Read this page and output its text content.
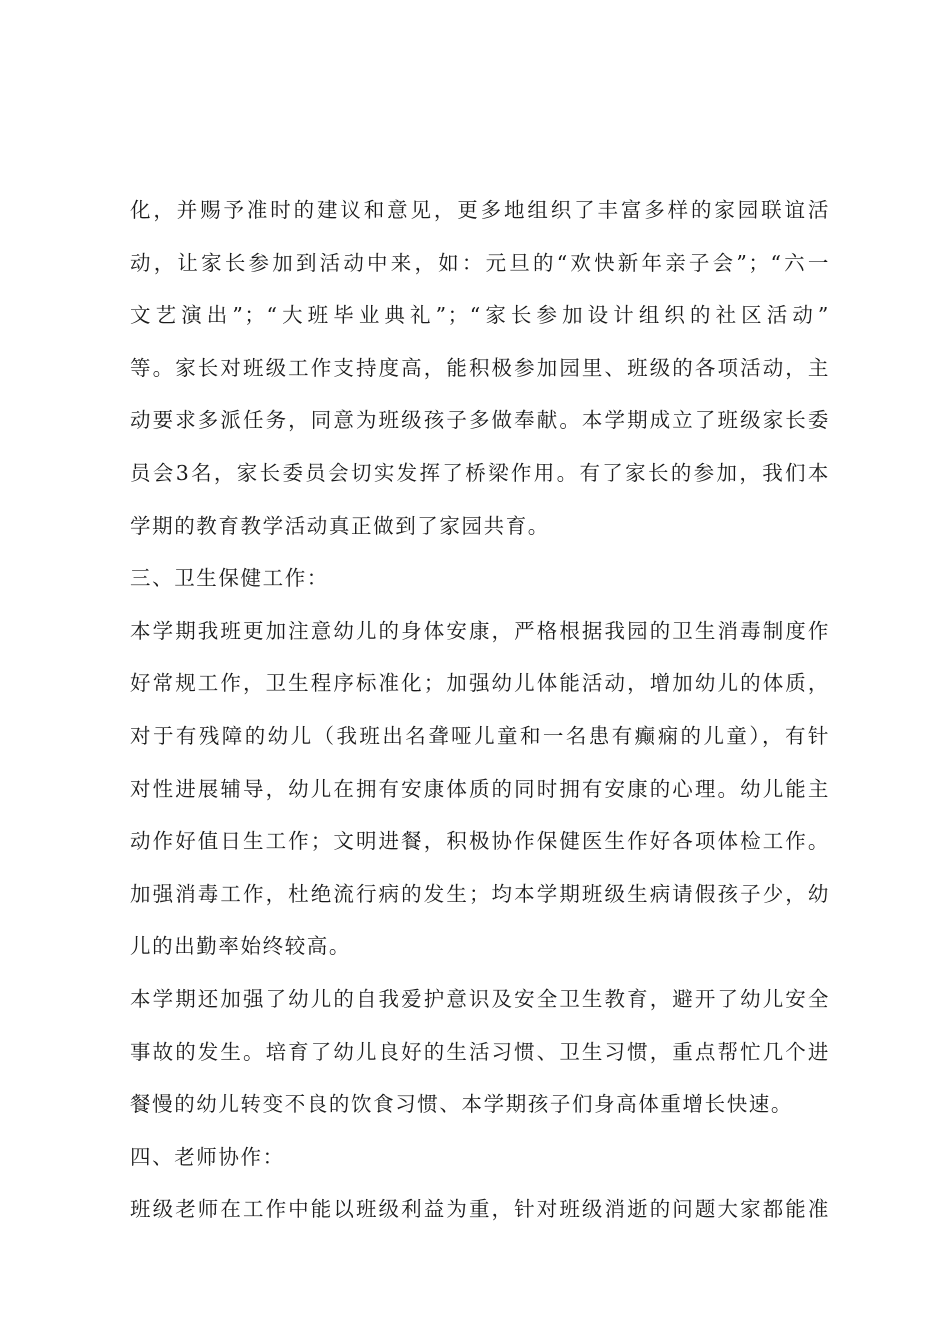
化，并赐予准时的建议和意见，更多地组织了丰富多样的家园联谊活
动，让家长参加到活动中来，如：元旦的“欢快新年亲子会”；“六一
文艺演出”；“大班毕业典礼”；“家长参加设计组织的社区活动”
等。家长对班级工作支持度高，能积极参加园里、班级的各项活动，主
动要求多派任务，同意为班级孩子多做奉献。本学期成立了班级家长委
员会3名，家长委员会切实发挥了桥梁作用。有了家长的参加，我们本
学期的教育教学活动真正做到了家园共育。
三、卫生保健工作：
本学期我班更加注意幼儿的身体安康，严格根据我园的卫生消毒制度作
好常规工作，卫生程序标准化；加强幼儿体能活动，增加幼儿的体质，
对于有残障的幼儿（我班出名聋哑儿童和一名患有癫痫的儿童），有针
对性进展辅导，幼儿在拥有安康体质的同时拥有安康的心理。幼儿能主
动作好值日生工作；文明进餐，积极协作保健医生作好各项体检工作。
加强消毒工作，杜绝流行病的发生；均本学期班级生病请假孩子少，幼
儿的出勤率始终较高。
本学期还加强了幼儿的自我爱护意识及安全卫生教育，避开了幼儿安全
事故的发生。培育了幼儿良好的生活习惯、卫生习惯，重点帮忙几个进
餐慢的幼儿转变不良的饮食习惯、本学期孩子们身高体重增长快速。
四、老师协作：
班级老师在工作中能以班级利益为重，针对班级消逝的问题大家都能准
